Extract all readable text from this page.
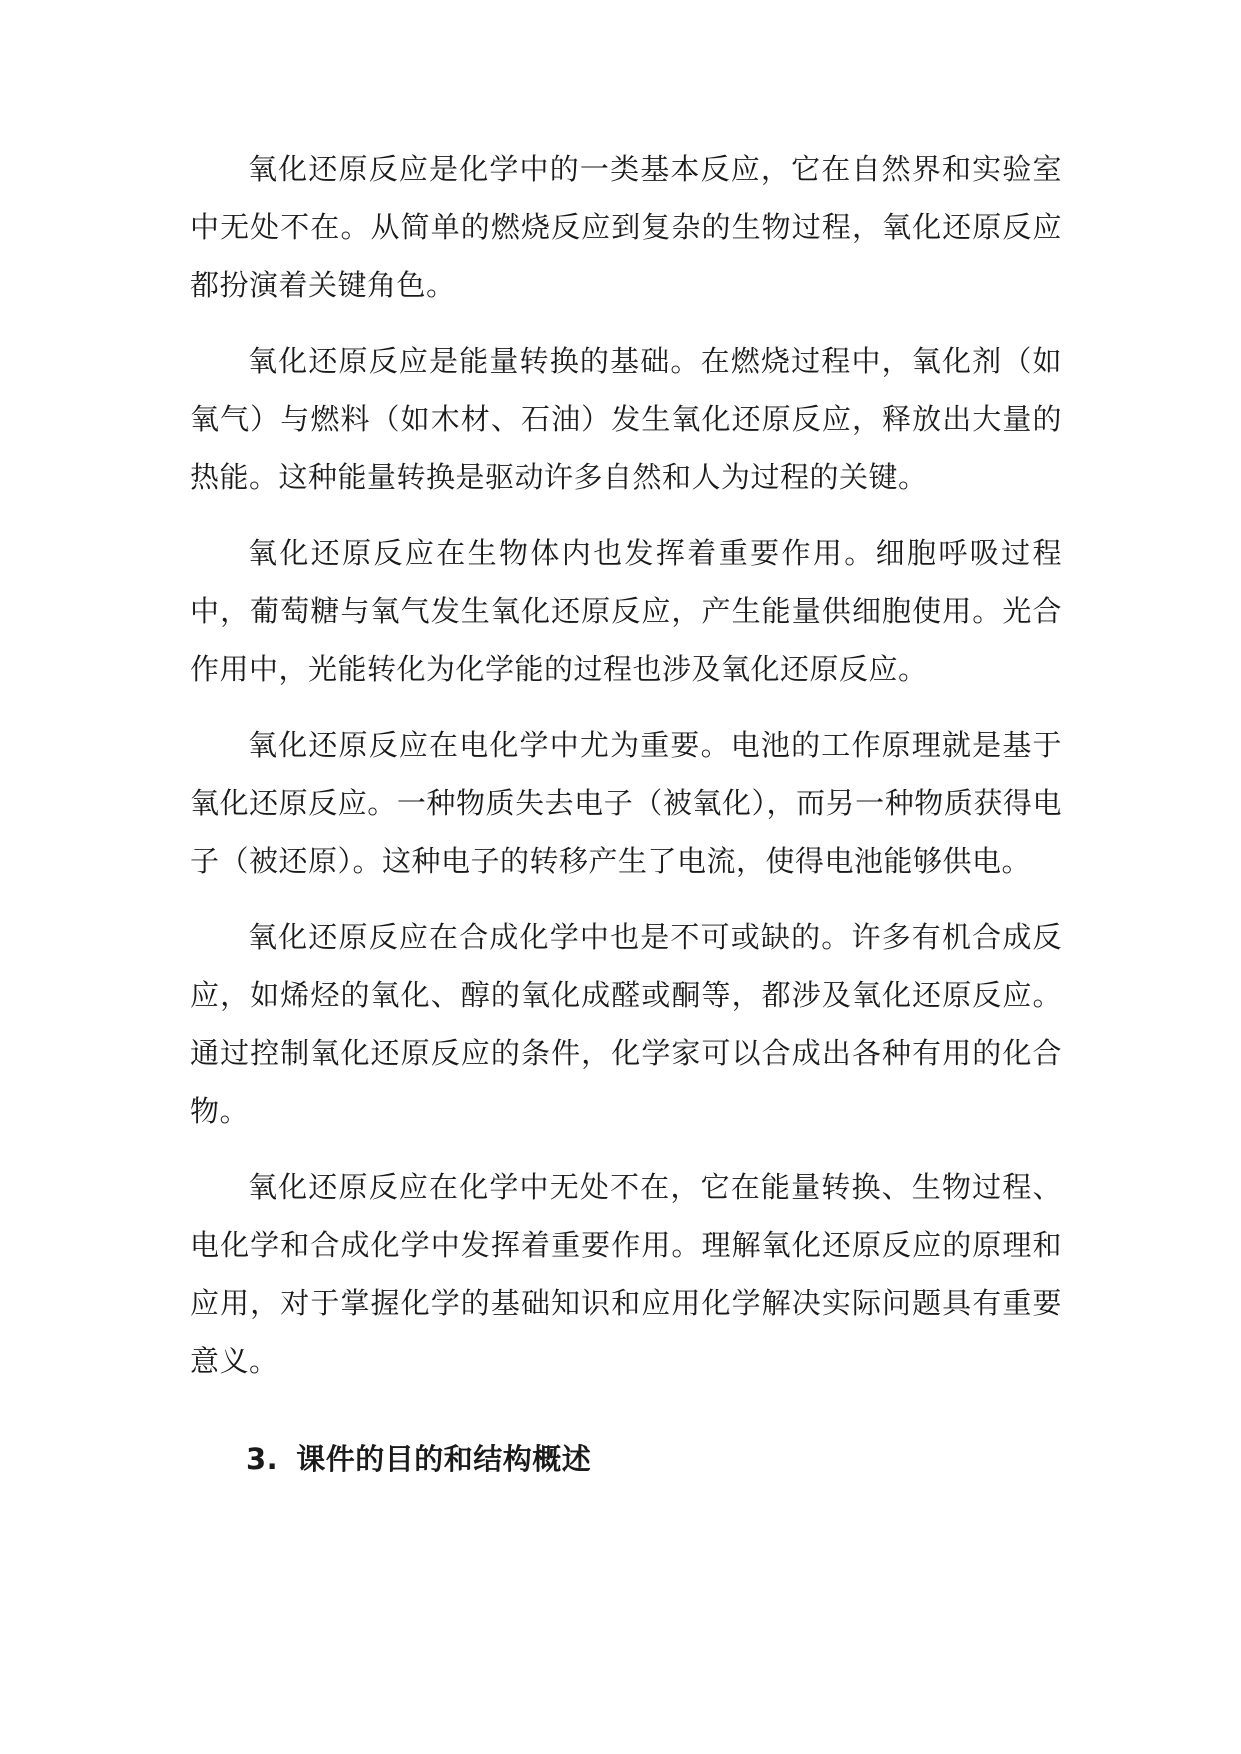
氧化还原反应是化学中的一类基本反应，它在自然界和实验室中无处不在。从简单的燃烧反应到复杂的生物过程，氧化还原反应都扮演着关键角色。

氧化还原反应是能量转换的基础。在燃烧过程中，氧化剂（如氧气）与燃料（如木材、石油）发生氧化还原反应，释放出大量的热能。这种能量转换是驱动许多自然和人为过程的关键。

氧化还原反应在生物体内也发挥着重要作用。细胞呼吸过程中，葡萄糖与氧气发生氧化还原反应，产生能量供细胞使用。光合作用中，光能转化为化学能的过程也涉及氧化还原反应。

氧化还原反应在电化学中尤为重要。电池的工作原理就是基于氧化还原反应。一种物质失去电子（被氧化），而另一种物质获得电子（被还原）。这种电子的转移产生了电流，使得电池能够供电。

氧化还原反应在合成化学中也是不可或缺的。许多有机合成反应，如烯烃的氧化、醇的氧化成醛或酮等，都涉及氧化还原反应。通过控制氧化还原反应的条件，化学家可以合成出各种有用的化合物。

氧化还原反应在化学中无处不在，它在能量转换、生物过程、电化学和合成化学中发挥着重要作用。理解氧化还原反应的原理和应用，对于掌握化学的基础知识和应用化学解决实际问题具有重要意义。

3. 课件的目的和结构概述
